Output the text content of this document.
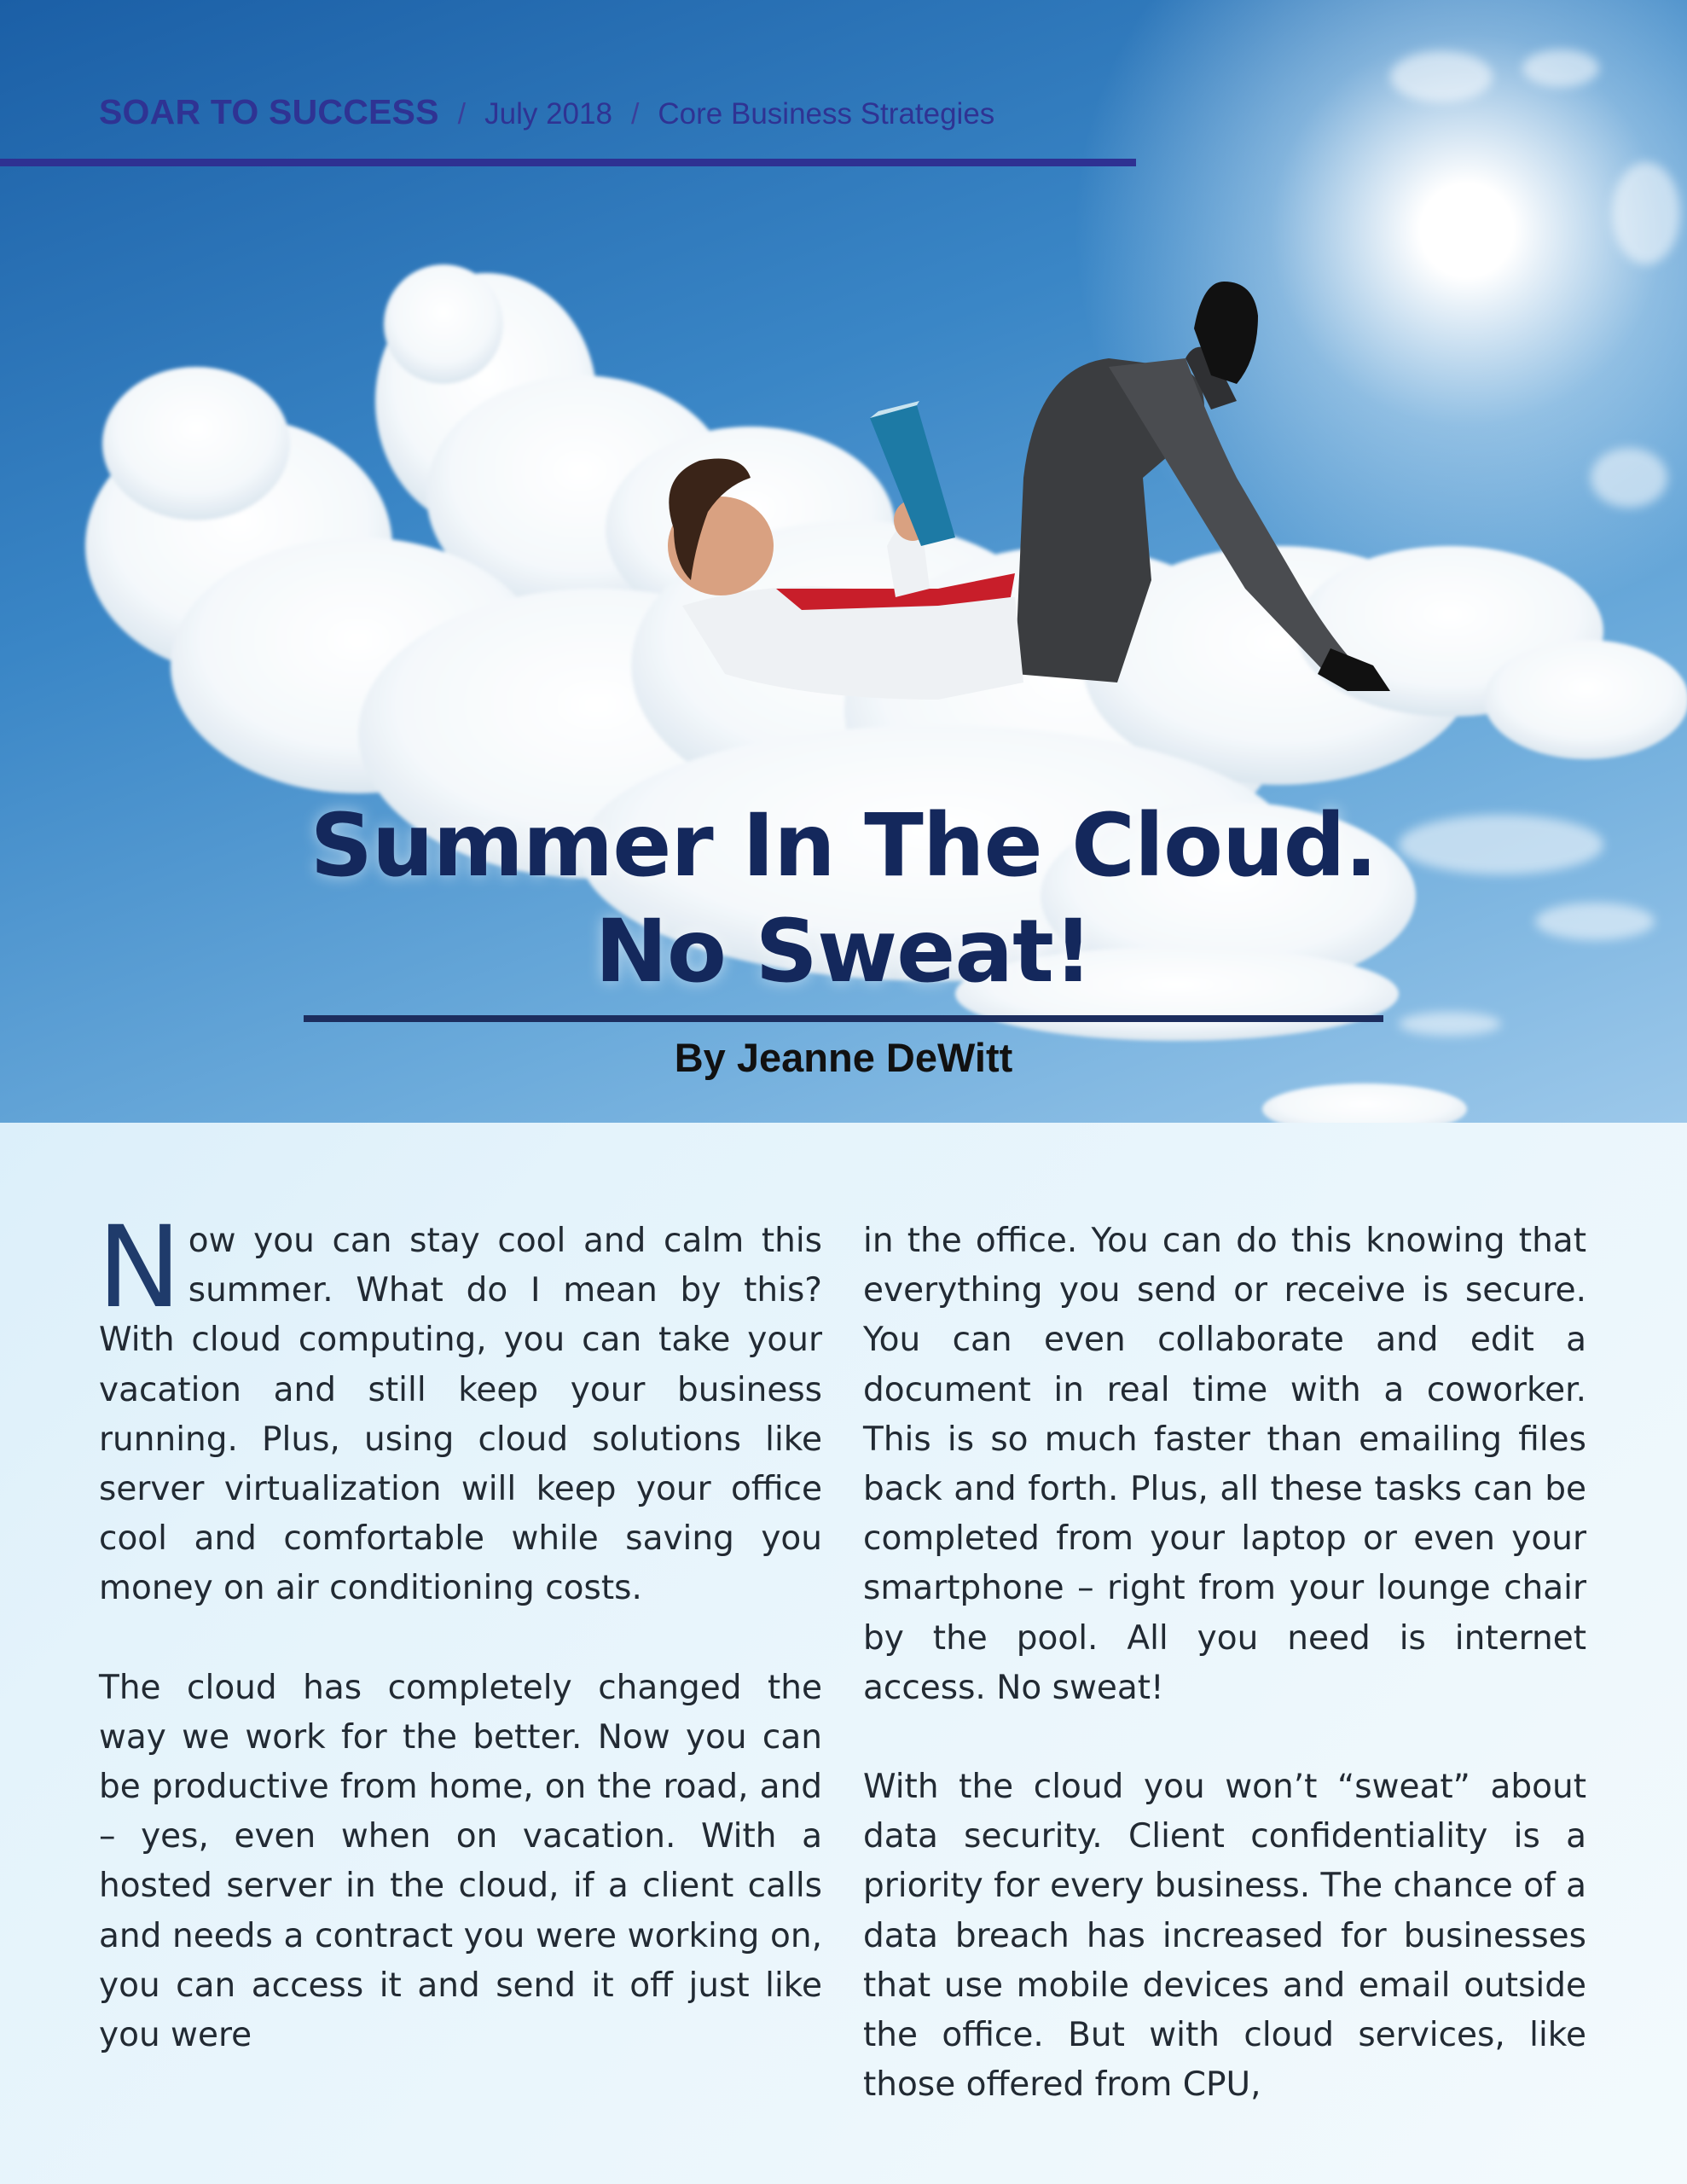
SOAR TO SUCCESS / July 2018 / Core Business Strategies
Summer In The Cloud.
No Sweat!
By Jeanne DeWitt

Now you can stay cool and calm this summer. What do I mean by this? With cloud computing, you can take your vacation and still keep your business running. Plus, using cloud solutions like server virtualization will keep your office cool and comfortable while saving you money on air conditioning costs.

The cloud has completely changed the way we work for the better. Now you can be productive from home, on the road, and – yes, even when on vacation. With a hosted server in the cloud, if a client calls and needs a contract you were working on, you can access it and send it off just like you were

in the office. You can do this knowing that everything you send or receive is secure. You can even collaborate and edit a document in real time with a coworker. This is so much faster than emailing files back and forth. Plus, all these tasks can be completed from your laptop or even your smartphone – right from your lounge chair by the pool. All you need is internet access. No sweat!

With the cloud you won’t “sweat” about data security. Client confidentiality is a priority for every business. The chance of a data breach has increased for businesses that use mobile devices and email outside the office. But with cloud services, like those offered from CPU,
